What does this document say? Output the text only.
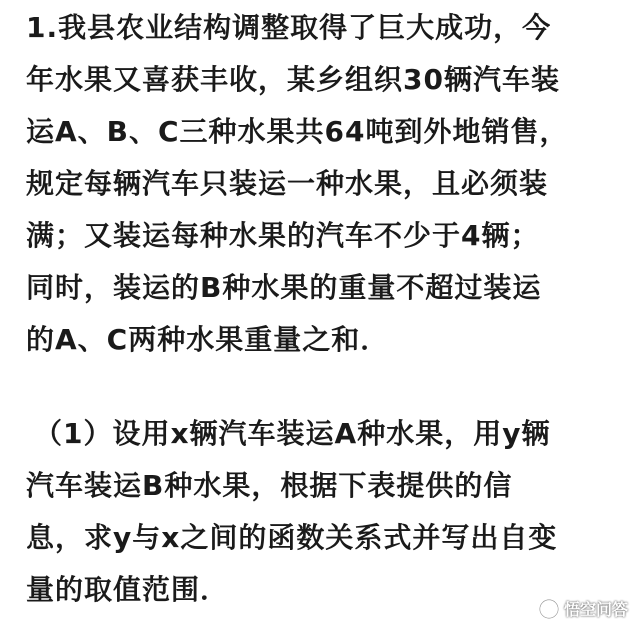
1.我县农业结构调整取得了巨大成功，今

年水果又喜获丰收，某乡组织30辆汽车装

运A、B、C三种水果共64吨到外地销售，

规定每辆汽车只装运一种水果，且必须装

满；又装运每种水果的汽车不少于4辆；

同时，装运的B种水果的重量不超过装运

的A、C两种水果重量之和．

（1）设用x辆汽车装运A种水果，用y辆

汽车装运B种水果，根据下表提供的信

息，求y与x之间的函数关系式并写出自变

量的取值范围．

悟空问答
